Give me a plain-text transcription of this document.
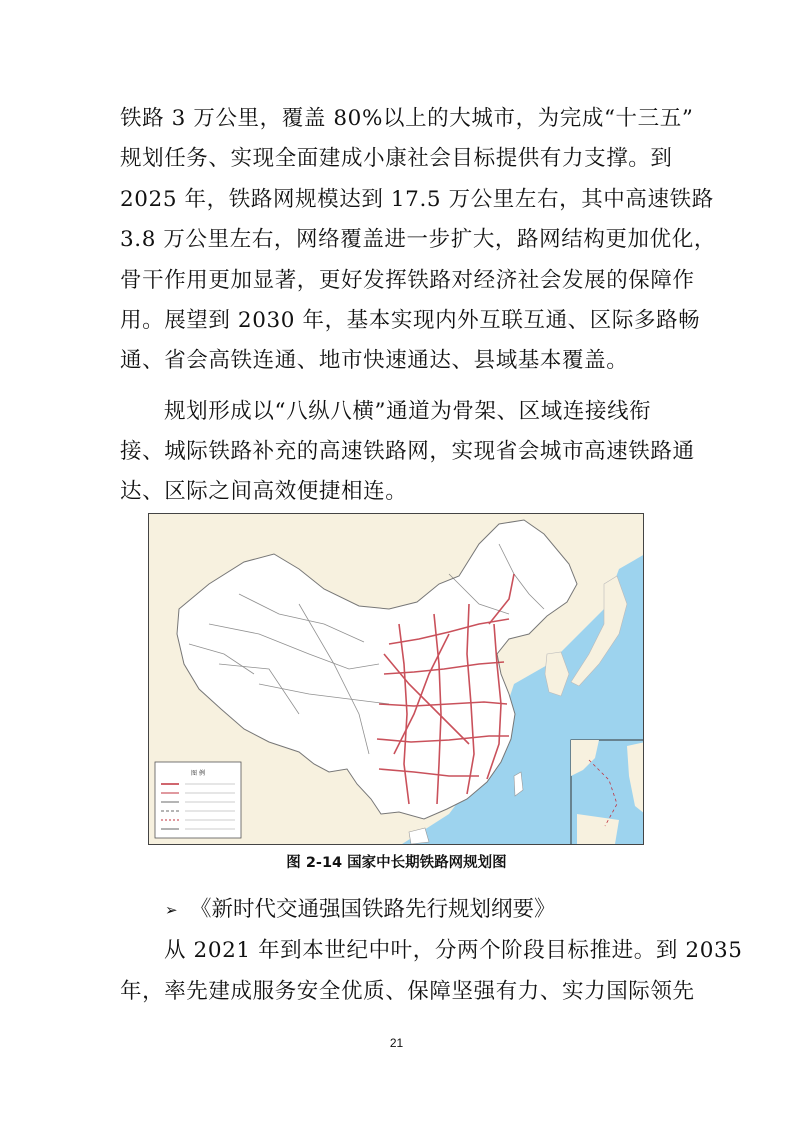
铁路 3 万公里，覆盖 80%以上的大城市，为完成“十三五”
规划任务、实现全面建成小康社会目标提供有力支撑。到
2025 年，铁路网规模达到 17.5 万公里左右，其中高速铁路
3.8 万公里左右，网络覆盖进一步扩大，路网结构更加优化，
骨干作用更加显著，更好发挥铁路对经济社会发展的保障作
用。展望到 2030 年，基本实现内外互联互通、区际多路畅
通、省会高铁连通、地市快速通达、县域基本覆盖。
规划形成以“八纵八横”通道为骨架、区域连接线衔
接、城际铁路补充的高速铁路网，实现省会城市高速铁路通
达、区际之间高效便捷相连。
图 例
图 2-14 国家中长期铁路网规划图
➢ 《新时代交通强国铁路先行规划纲要》
从 2021 年到本世纪中叶，分两个阶段目标推进。到 2035
年，率先建成服务安全优质、保障坚强有力、实力国际领先
21
